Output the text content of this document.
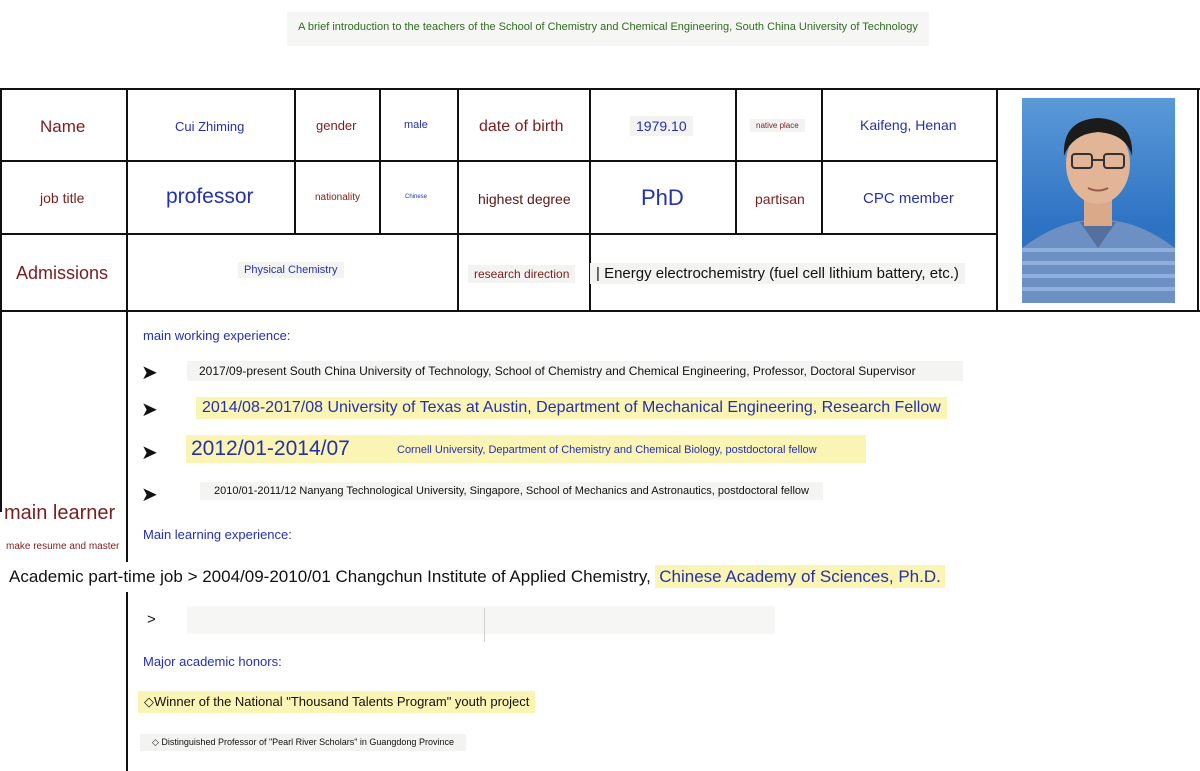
A brief introduction to the teachers of the School of Chemistry and Chemical Engineering, South China University of Technology
Name	Cui Zhiming	gender	male	date of birth	1979.10	native place	Kaifeng, Henan
job title	professor	nationality	Chinese	highest degree	PhD	partisan	CPC member
Admissions	Physical Chemistry	research direction	| Energy electrochemistry (fuel cell lithium battery, etc.)
main learner
make resume and master
Academic part-time job > 2004/09-2010/01 Changchun Institute of Applied Chemistry, Chinese Academy of Sciences, Ph.D.
main working experience:
➤	2017/09-present South China University of Technology, School of Chemistry and Chemical Engineering, Professor, Doctoral Supervisor
➤	2014/08-2017/08 University of Texas at Austin, Department of Mechanical Engineering, Research Fellow
➤ 2012/01-2014/07	Cornell University, Department of Chemistry and Chemical Biology, postdoctoral fellow
➤	2010/01-2011/12 Nanyang Technological University, Singapore, School of Mechanics and Astronautics, postdoctoral fellow
Main learning experience:
>
Major academic honors:
◇Winner of the National "Thousand Talents Program" youth project
◇ Distinguished Professor of "Pearl River Scholars" in Guangdong Province
